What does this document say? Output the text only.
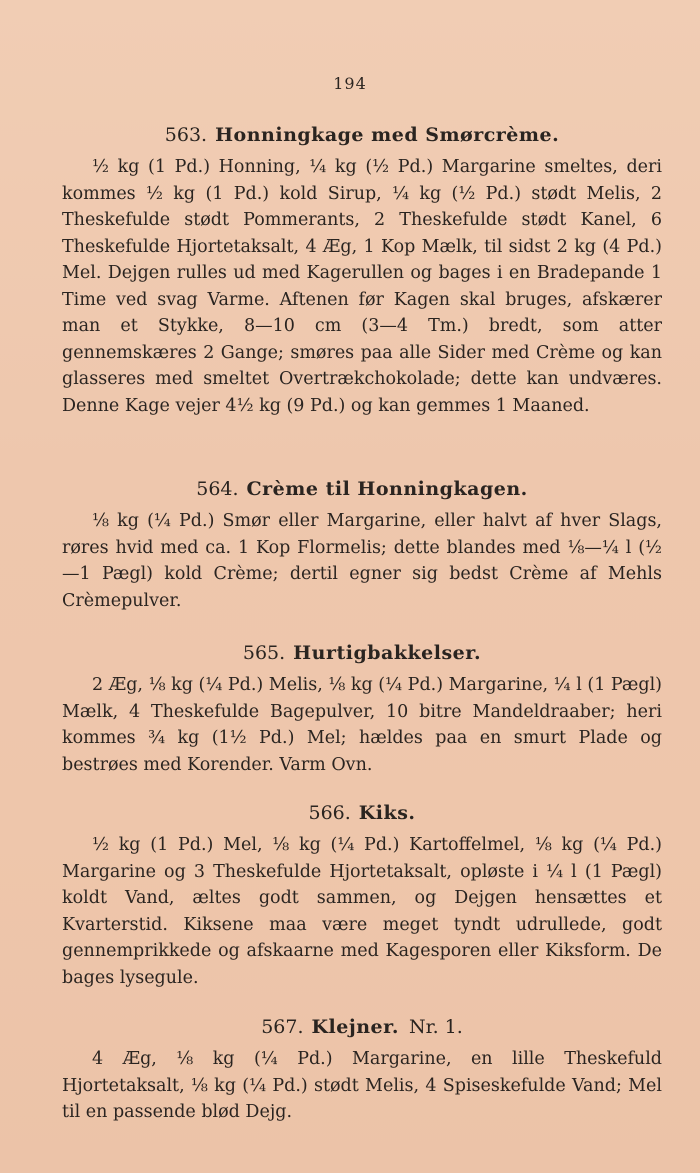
194
563. Honningkage med Smørcrème.

½ kg (1 Pd.) Honning, ¼ kg (½ Pd.) Margarine smeltes, deri kommes ½ kg (1 Pd.) kold Sirup, ¼ kg (½ Pd.) stødt Melis, 2 Theskefulde stødt Pommerants, 2 Theskefulde stødt Kanel, 6 Theskefulde Hjortetaksalt, 4 Æg, 1 Kop Mælk, til sidst 2 kg (4 Pd.) Mel. Dejgen rulles ud med Kagerullen og bages i en Bradepande 1 Time ved svag Varme. Aftenen før Kagen skal bruges, afskærer man et Stykke, 8—10 cm (3—4 Tm.) bredt, som atter gennemskæres 2 Gange; smøres paa alle Sider med Crème og kan glasseres med smeltet Overtrækchokolade; dette kan undværes. Denne Kage vejer 4½ kg (9 Pd.) og kan gemmes 1 Maaned.

564. Crème til Honningkagen.

⅛ kg (¼ Pd.) Smør eller Margarine, eller halvt af hver Slags, røres hvid med ca. 1 Kop Flormelis; dette blandes med ⅛—¼ l (½—1 Pægl) kold Crème; dertil egner sig bedst Crème af Mehls Crèmepulver.

565. Hurtigbakkelser.

2 Æg, ⅛ kg (¼ Pd.) Melis, ⅛ kg (¼ Pd.) Margarine, ¼ l (1 Pægl) Mælk, 4 Theskefulde Bagepulver, 10 bitre Mandeldraaber; heri kommes ¾ kg (1½ Pd.) Mel; hældes paa en smurt Plade og bestrøes med Korender. Varm Ovn.

566. Kiks.

½ kg (1 Pd.) Mel, ⅛ kg (¼ Pd.) Kartoffelmel, ⅛ kg (¼ Pd.) Margarine og 3 Theskefulde Hjortetaksalt, opløste i ¼ l (1 Pægl) koldt Vand, æltes godt sammen, og Dejgen hensættes et Kvarterstid. Kiksene maa være meget tyndt udrullede, godt gennemprikkede og afskaarne med Kagesporen eller Kiksform. De bages lysegule.

567. Klejner. Nr. 1.

4 Æg, ⅛ kg (¼ Pd.) Margarine, en lille Theskefuld Hjortetaksalt, ⅛ kg (¼ Pd.) stødt Melis, 4 Spiseskefulde Vand; Mel til en passende blød Dejg.
